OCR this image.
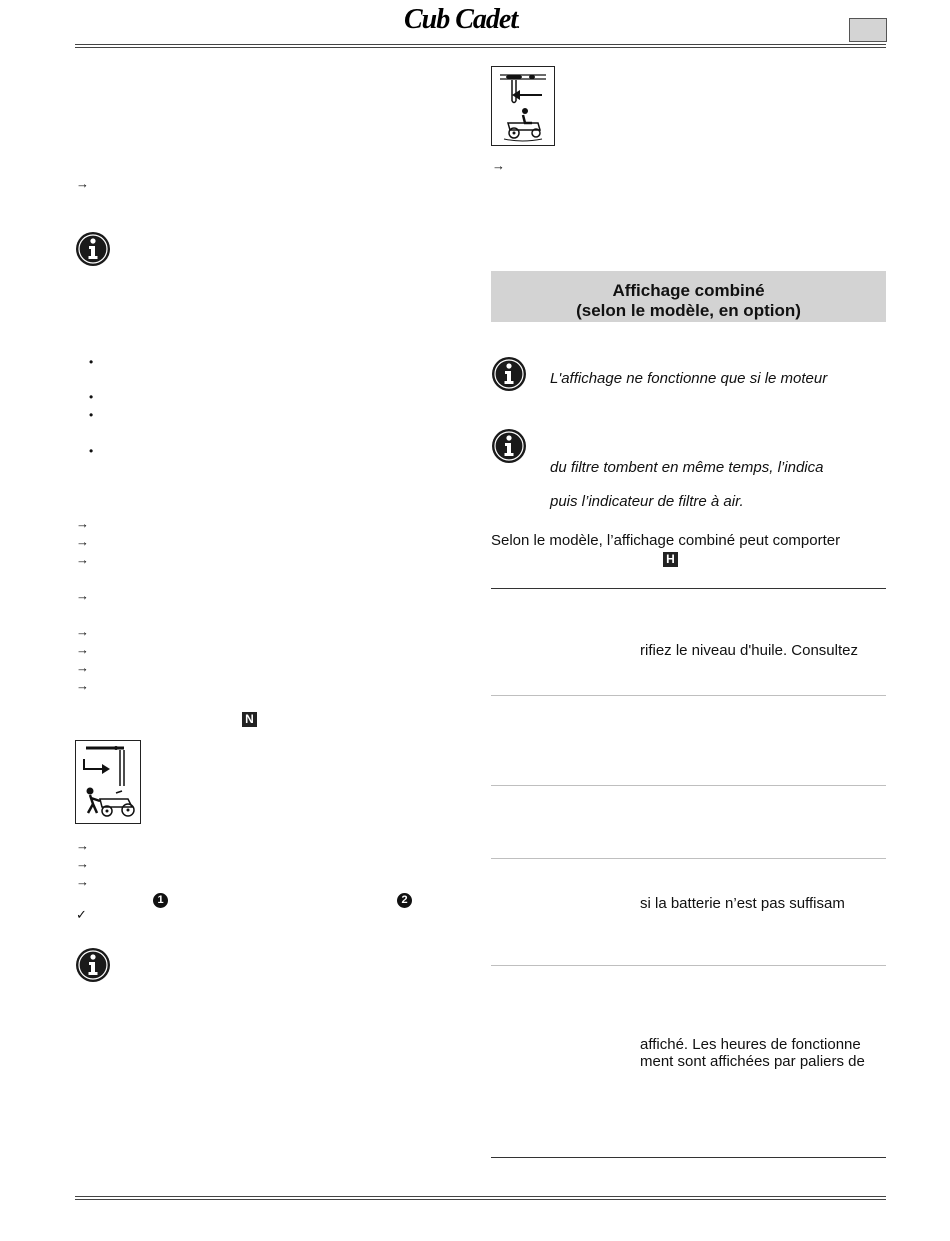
Cub Cadet.
→
•
•
•
•
→
→
→
→
→
→
→
→
N
→
→
→
1	2
✓
→
Affichage combiné
(selon le modèle, en option)
L'affichage ne fonctionne que si le moteur
du filtre tombent en même temps, l’indica
puis l’indicateur de filtre à air.
Selon le modèle, l’affichage combiné peut comporter
H
rifiez le niveau d'huile. Consultez
si la batterie n’est pas suffisam
affiché. Les heures de fonctionne
ment sont affichées par paliers de
